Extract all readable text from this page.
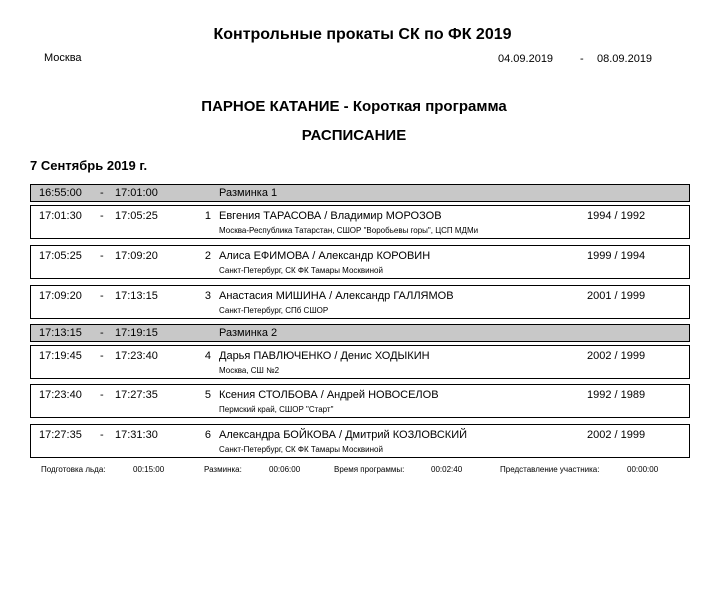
Контрольные прокаты СК по ФК 2019
Москва	04.09.2019 - 08.09.2019
ПАРНОЕ КАТАНИЕ - Короткая программа
РАСПИСАНИЕ
7 Сентябрь 2019 г.
16:55:00 - 17:01:00	Разминка 1
17:01:30 - 17:05:25	1 Евгения ТАРАСОВА / Владимир МОРОЗОВ	1994 / 1992
Москва-Республика Татарстан, СШОР "Воробьевы горы", ЦСП МДМи
17:05:25 - 17:09:20	2 Алиса ЕФИМОВА / Александр КОРОВИН	1999 / 1994
Санкт-Петербург, СК ФК Тамары Москвиной
17:09:20 - 17:13:15	3 Анастасия МИШИНА / Александр ГАЛЛЯМОВ	2001 / 1999
Санкт-Петербург, СПб СШОР
17:13:15 - 17:19:15	Разминка 2
17:19:45 - 17:23:40	4 Дарья ПАВЛЮЧЕНКО / Денис ХОДЫКИН	2002 / 1999
Москва, СШ №2
17:23:40 - 17:27:35	5 Ксения СТОЛБОВА / Андрей НОВОСЕЛОВ	1992 / 1989
Пермский край, СШОР "Старт"
17:27:35 - 17:31:30	6 Александра БОЙКОВА / Дмитрий КОЗЛОВСКИЙ	2002 / 1999
Санкт-Петербург, СК ФК Тамары Москвиной
Подготовка льда:	00:15:00	Разминка:	00:06:00	Время программы:	00:02:40	Представление участника:	00:00:00
